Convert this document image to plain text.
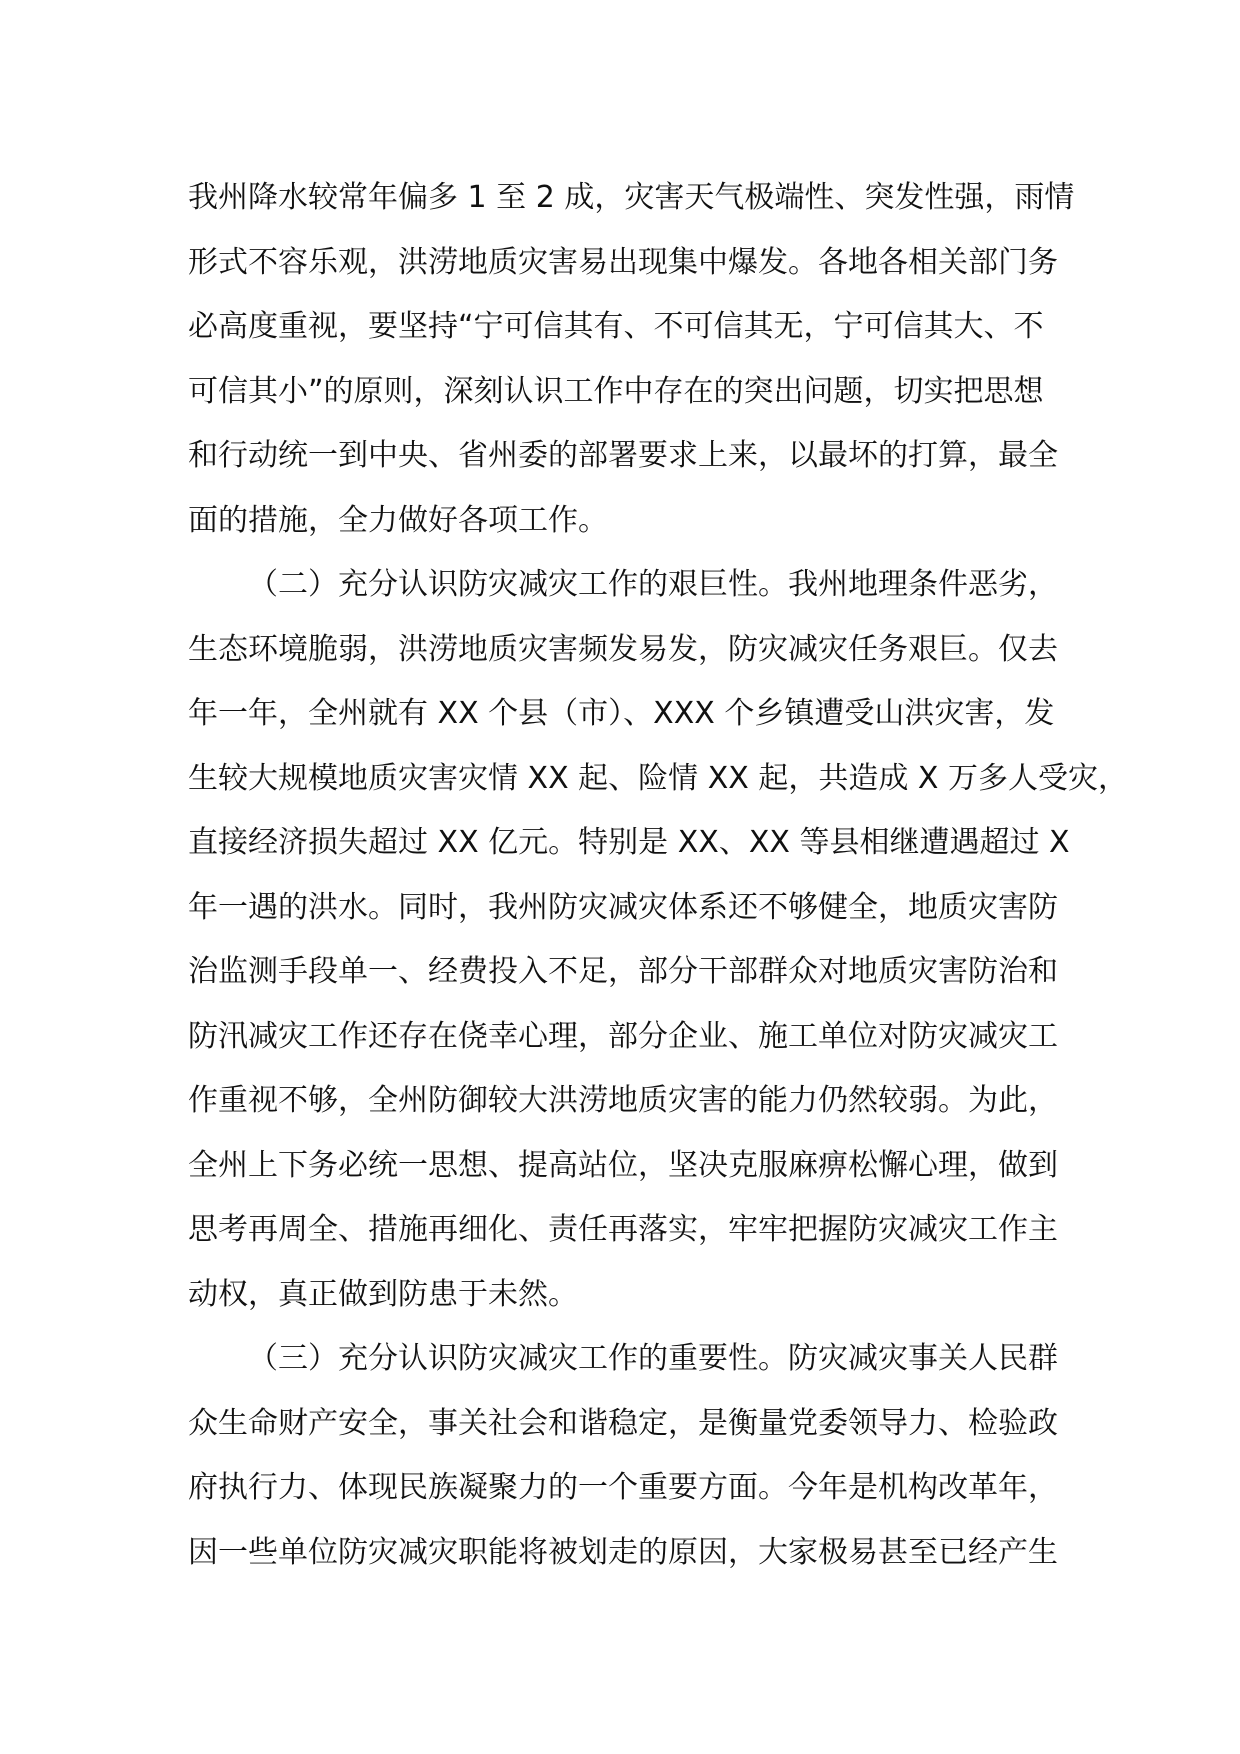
我州降水较常年偏多 1 至 2 成，灾害天气极端性、突发性强，雨情
形式不容乐观，洪涝地质灾害易出现集中爆发。各地各相关部门务
必高度重视，要坚持“宁可信其有、不可信其无，宁可信其大、不
可信其小”的原则，深刻认识工作中存在的突出问题，切实把思想
和行动统一到中央、省州委的部署要求上来，以最坏的打算，最全
面的措施，全力做好各项工作。
（二）充分认识防灾减灾工作的艰巨性。我州地理条件恶劣，
生态环境脆弱，洪涝地质灾害频发易发，防灾减灾任务艰巨。仅去
年一年，全州就有 XX 个县（市）、XXX 个乡镇遭受山洪灾害，发
生较大规模地质灾害灾情 XX 起、险情 XX 起，共造成 X 万多人受灾，
直接经济损失超过 XX 亿元。特别是 XX、XX 等县相继遭遇超过 X
年一遇的洪水。同时，我州防灾减灾体系还不够健全，地质灾害防
治监测手段单一、经费投入不足，部分干部群众对地质灾害防治和
防汛减灾工作还存在侥幸心理，部分企业、施工单位对防灾减灾工
作重视不够，全州防御较大洪涝地质灾害的能力仍然较弱。为此，
全州上下务必统一思想、提高站位，坚决克服麻痹松懈心理，做到
思考再周全、措施再细化、责任再落实，牢牢把握防灾减灾工作主
动权，真正做到防患于未然。
（三）充分认识防灾减灾工作的重要性。防灾减灾事关人民群
众生命财产安全，事关社会和谐稳定，是衡量党委领导力、检验政
府执行力、体现民族凝聚力的一个重要方面。今年是机构改革年，
因一些单位防灾减灾职能将被划走的原因，大家极易甚至已经产生
